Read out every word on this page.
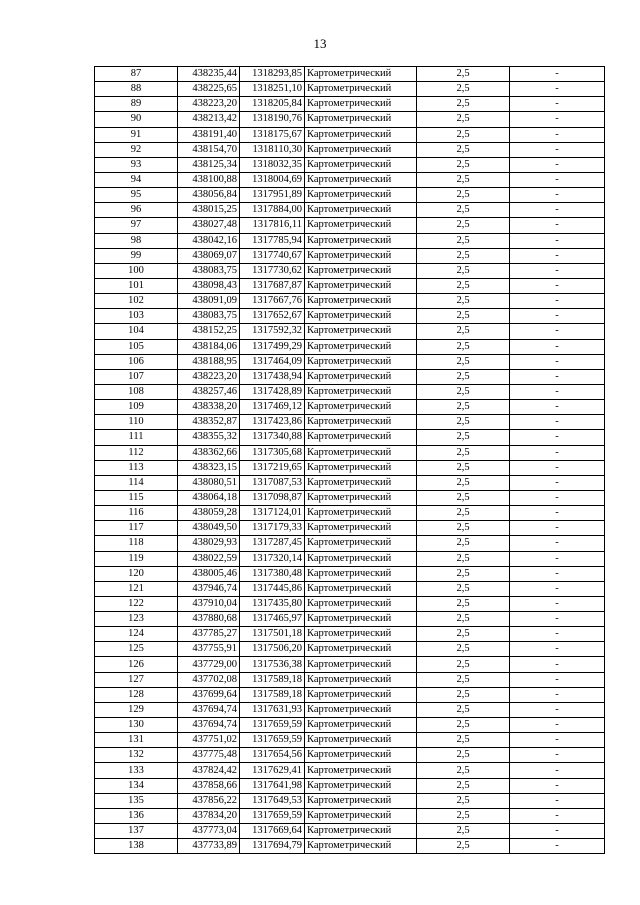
13
87	438235,44	1318293,85	Картометрический	2,5	-
88	438225,65	1318251,10	Картометрический	2,5	-
89	438223,20	1318205,84	Картометрический	2,5	-
90	438213,42	1318190,76	Картометрический	2,5	-
91	438191,40	1318175,67	Картометрический	2,5	-
92	438154,70	1318110,30	Картометрический	2,5	-
93	438125,34	1318032,35	Картометрический	2,5	-
94	438100,88	1318004,69	Картометрический	2,5	-
95	438056,84	1317951,89	Картометрический	2,5	-
96	438015,25	1317884,00	Картометрический	2,5	-
97	438027,48	1317816,11	Картометрический	2,5	-
98	438042,16	1317785,94	Картометрический	2,5	-
99	438069,07	1317740,67	Картометрический	2,5	-
100	438083,75	1317730,62	Картометрический	2,5	-
101	438098,43	1317687,87	Картометрический	2,5	-
102	438091,09	1317667,76	Картометрический	2,5	-
103	438083,75	1317652,67	Картометрический	2,5	-
104	438152,25	1317592,32	Картометрический	2,5	-
105	438184,06	1317499,29	Картометрический	2,5	-
106	438188,95	1317464,09	Картометрический	2,5	-
107	438223,20	1317438,94	Картометрический	2,5	-
108	438257,46	1317428,89	Картометрический	2,5	-
109	438338,20	1317469,12	Картометрический	2,5	-
110	438352,87	1317423,86	Картометрический	2,5	-
111	438355,32	1317340,88	Картометрический	2,5	-
112	438362,66	1317305,68	Картометрический	2,5	-
113	438323,15	1317219,65	Картометрический	2,5	-
114	438080,51	1317087,53	Картометрический	2,5	-
115	438064,18	1317098,87	Картометрический	2,5	-
116	438059,28	1317124,01	Картометрический	2,5	-
117	438049,50	1317179,33	Картометрический	2,5	-
118	438029,93	1317287,45	Картометрический	2,5	-
119	438022,59	1317320,14	Картометрический	2,5	-
120	438005,46	1317380,48	Картометрический	2,5	-
121	437946,74	1317445,86	Картометрический	2,5	-
122	437910,04	1317435,80	Картометрический	2,5	-
123	437880,68	1317465,97	Картометрический	2,5	-
124	437785,27	1317501,18	Картометрический	2,5	-
125	437755,91	1317506,20	Картометрический	2,5	-
126	437729,00	1317536,38	Картометрический	2,5	-
127	437702,08	1317589,18	Картометрический	2,5	-
128	437699,64	1317589,18	Картометрический	2,5	-
129	437694,74	1317631,93	Картометрический	2,5	-
130	437694,74	1317659,59	Картометрический	2,5	-
131	437751,02	1317659,59	Картометрический	2,5	-
132	437775,48	1317654,56	Картометрический	2,5	-
133	437824,42	1317629,41	Картометрический	2,5	-
134	437858,66	1317641,98	Картометрический	2,5	-
135	437856,22	1317649,53	Картометрический	2,5	-
136	437834,20	1317659,59	Картометрический	2,5	-
137	437773,04	1317669,64	Картометрический	2,5	-
138	437733,89	1317694,79	Картометрический	2,5	-
